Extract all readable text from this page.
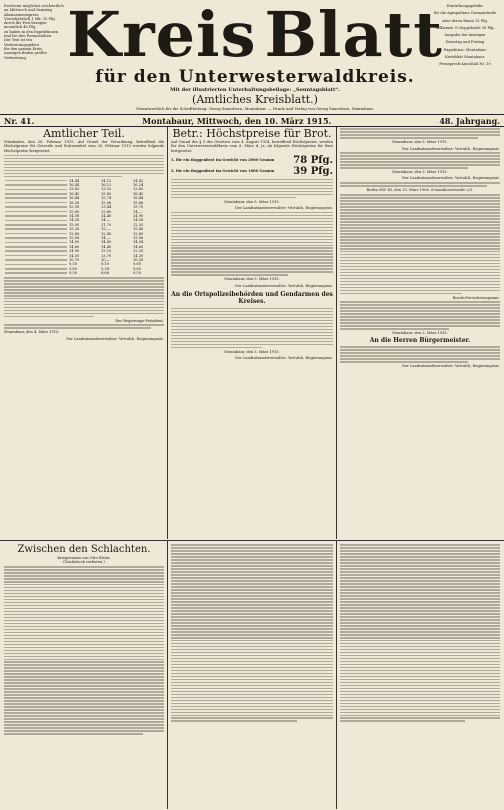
Erscheint möglichst wöchentlich
an Mittwoch und Samstag
Abonnementspreis:
Vierteljährlich 1 Mk. 10 Pfg.
durch die Post bezogen
monatlich 40 Pfg.
zu haben in den Expeditionen
und bei den Postanstalten
Der Text ist ein
Verbreitungsgebiet
für den ganzen Kreis
Anzeigen finden größte
Verbreitung Kreis Blatt
für den Unterwesterwaldkreis.
Mit der illustrierten Unterhaltungsbeilage: „Sonntagsblatt“.
(Amtliches Kreisblatt.)
Verantwortlich für die Schriftleitung: Georg Sauerborn, Montabaur. — Druck und Verlag von Georg Sauerborn, Montabaur.
Einrückungsgebühr
für die Agespaltene Garmondzeile
oder deren Raum 15 Pfg.
Reklamen ½ Doppelzeile 30 Pfg.
Ausgabe der Anzeigen
Dienstag und Freitag
Expedition: Montabaur
Kreisblatt Montabaur.
Fernsprech-Anschluß Nr. 10
Nr. 41.	Montabaur, Mittwoch, den 10. März 1915.	48. Jahrgang.
Amtlicher Teil.

Wiesbaden, den 28. Februar 1915. Auf Grund der Verordnung, betreffend die Höchstpreise für Getreide und Futtermittel vom 28. Februar 1915 werden folgende Höchstpreise festgesetzt:

	14,44	14,12	14,42

	16,44	16,12	16,24

	13,82	13,32	13,60

	16,40	15,80	16,40

	16,44	15,74	16,44

	16,28	15,96	15,66

	15,58	13,44	15,70

	15,90	13,60	14,—

	14,58	14,40	14,90

	14,28	14,—	14,58

	15,95	11,70	12,35

	15,28	15,—	15,40

	12,80	12,40	12,60

	15,08	14,—	15,96

	14,90	14,60	14,94

	14,60	14,40	14,60

	14,90	12,10	12,35

	14,05	13,70	14,30

	10,70	10,—	10,30

	9,50	9,10	9,60

	9,80	9,38	9,60

	9,30	8,66	9,50
Der Regierungs-Präsident.
Montabaur, den 4. März 1915.
Der Landratsamtsverwalter: Vertulch, Regierungsrat.
Betr.: Höchstpreise für Brot.

Auf Grund des § 5 des Gesetzes vom 4. August 1914, betreffend Höchstpreise, werden für den Unterwesterwaldkreis vom 8. März d. Js. ab folgende Höchstpreise für Brot festgesetzt:

1. für ein Roggenbrot im Gewicht von 2000 Gramm	78 Pfg.
2. für ein Roggenbrot im Gewicht von 1000 Gramm	39 Pfg.
Montabaur, den 5. März 1915.
Der Landratsamtsverwalter: Vertulch, Regierungsrat.
Montabaur, den 5. März 1915.
Der Landratsamtsverwalter: Vertulch, Regierungsrat.
An die Ortspolizeibehörden und Gendarmen des Kreises.
Montabaur, den 3. März 1915.
Der Landratsamtsverwalter: Vertulch, Regierungsrat.
Montabaur, den 5. März 1915.
Der Landratsamtsverwalter: Vertulch, Regierungsrat.
Montabaur, den 3. März 1915.
Der Landratsamtsverwalter: Vertulch, Regierungsrat.
Berlin NW. 40, den 15. März 1906. Scharnhorststraße 2/3.
Reichs-Versicherungsamt.
Montabaur, den 3. März 1915.
An die Herren Bürgermeister.
Der Landratsamtsverwalter: Vertulch, Regierungsrat.
Zwischen den Schlachten.
Kriegsroman von Otto Elster.
(Nachdruck verboten.)
